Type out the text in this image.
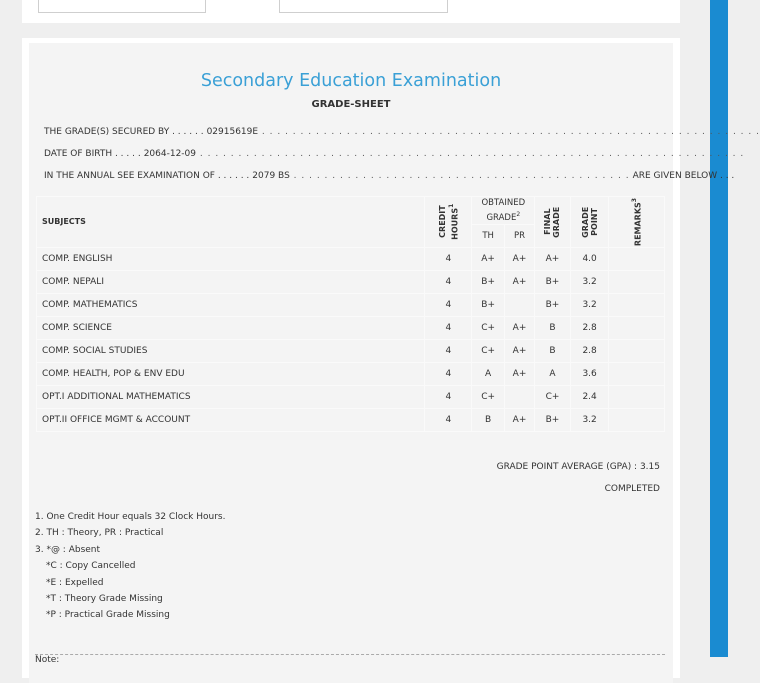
Secondary Education Examination
GRADE-SHEET
THE GRADE(S) SECURED BY . . . . . . 02915619E . . . . . . . . . . . . . . . . . . . . . . . . . . . . . . . . . . . . . . . . . . . . . . . . . . . . . . . . . . . . . . . . .
DATE OF BIRTH . . . . . 2064-12-09 . . . . . . . . . . . . . . . . . . . . . . . . . . . . . . . . . . . . . . . . . . . . . . . . . . . . . . . . . . . . . . . . . . . . . . .
IN THE ANNUAL SEE EXAMINATION OF . . . . . . 2079 BS . . . . . . . . . . . . . . . . . . . . . . . . . . . . . . . . . . . . . . . . . . . . ARE GIVEN BELOW . . .
SUBJECTS	CREDIT HOURS$^1$	OBTAINED GRADE$^2$		FINAL GRADE	GRADE POINT	REMARKS$^3$

		TH	PR			
COMP. ENGLISH	4	A+	A+	A+	4.0	
COMP. NEPALI	4	B+	A+	B+	3.2	
COMP. MATHEMATICS	4	B+		B+	3.2	
COMP. SCIENCE	4	C+	A+	B	2.8	
COMP. SOCIAL STUDIES	4	C+	A+	B	2.8	
COMP. HEALTH, POP & ENV EDU	4	A	A+	A	3.6	
OPT.I ADDITIONAL MATHEMATICS	4	C+		C+	2.4	
OPT.II OFFICE MGMT & ACCOUNT	4	B	A+	B+	3.2	
GRADE POINT AVERAGE (GPA) : 3.15
COMPLETED
1. One Credit Hour equals 32 Clock Hours.
2. TH : Theory, PR : Practical
3. *@ : Absent
*C : Copy Cancelled
*E : Expelled
*T : Theory Grade Missing
*P : Practical Grade Missing
Note:
